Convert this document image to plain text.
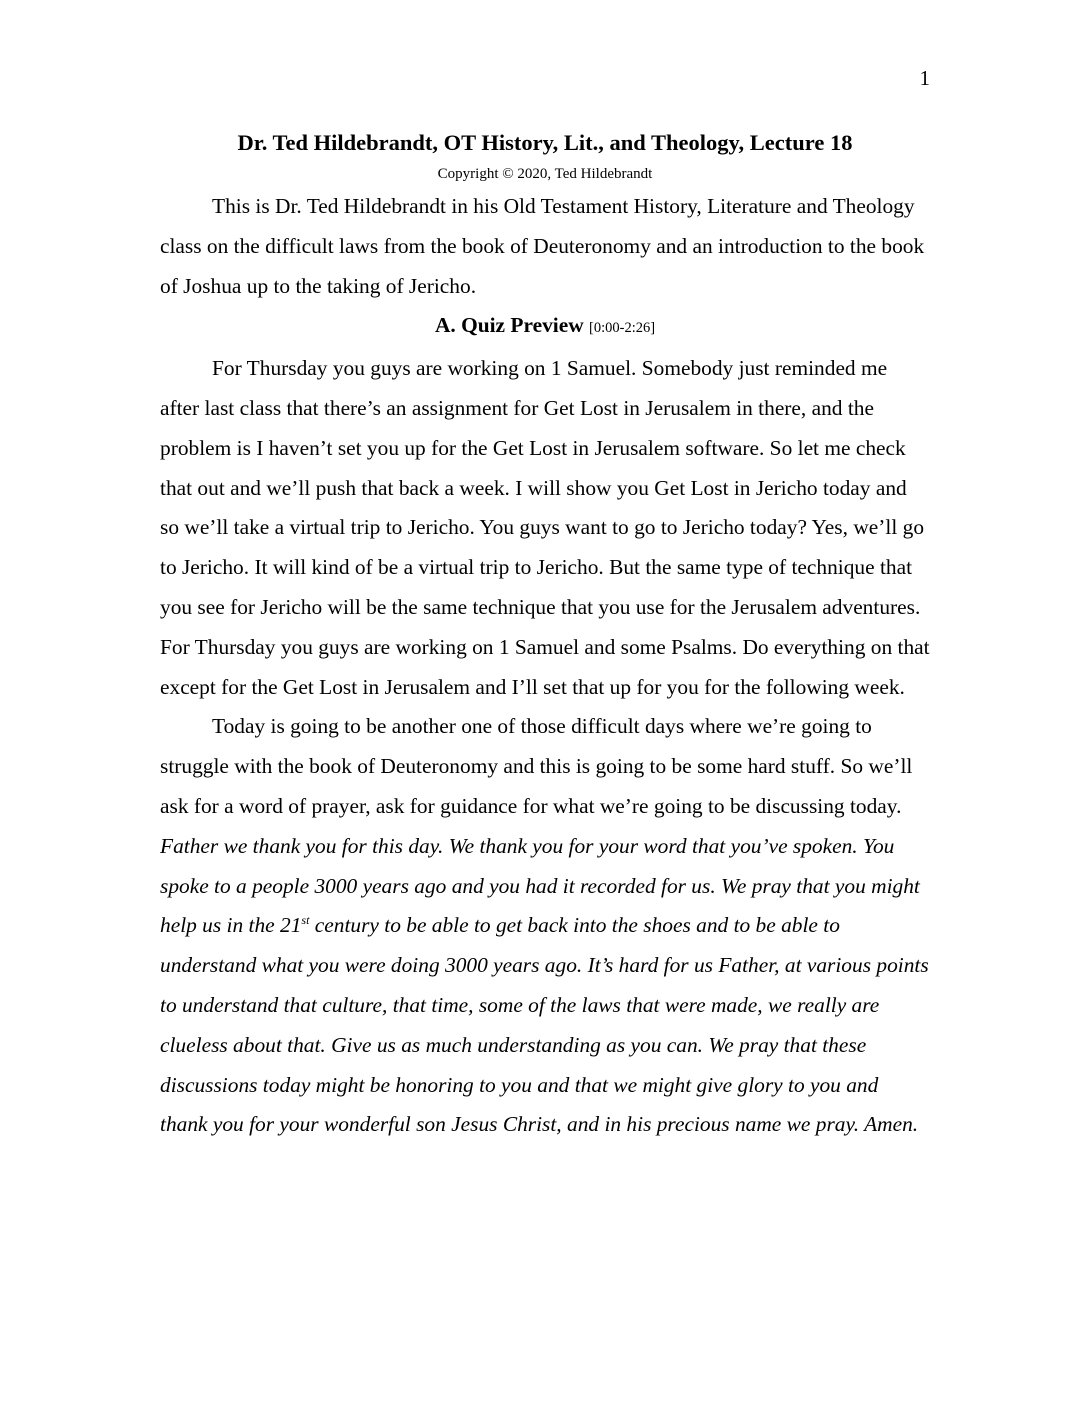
1
Dr. Ted Hildebrandt, OT History, Lit., and Theology, Lecture 18

Copyright © 2020, Ted Hildebrandt

This is Dr. Ted Hildebrandt in his Old Testament History, Literature and Theology class on the difficult laws from the book of Deuteronomy and an introduction to the book of Joshua up to the taking of Jericho.

A. Quiz Preview [0:00-2:26]

For Thursday you guys are working on 1 Samuel. Somebody just reminded me after last class that there’s an assignment for Get Lost in Jerusalem in there, and the problem is I haven’t set you up for the Get Lost in Jerusalem software. So let me check that out and we’ll push that back a week. I will show you Get Lost in Jericho today and so we’ll take a virtual trip to Jericho. You guys want to go to Jericho today? Yes, we’ll go to Jericho. It will kind of be a virtual trip to Jericho. But the same type of technique that you see for Jericho will be the same technique that you use for the Jerusalem adventures. For Thursday you guys are working on 1 Samuel and some Psalms. Do everything on that except for the Get Lost in Jerusalem and I’ll set that up for you for the following week.

Today is going to be another one of those difficult days where we’re going to struggle with the book of Deuteronomy and this is going to be some hard stuff. So we’ll ask for a word of prayer, ask for guidance for what we’re going to be discussing today. Father we thank you for this day. We thank you for your word that you’ve spoken. You spoke to a people 3000 years ago and you had it recorded for us. We pray that you might help us in the 21st century to be able to get back into the shoes and to be able to understand what you were doing 3000 years ago. It’s hard for us Father, at various points to understand that culture, that time, some of the laws that were made, we really are clueless about that. Give us as much understanding as you can. We pray that these discussions today might be honoring to you and that we might give glory to you and thank you for your wonderful son Jesus Christ, and in his precious name we pray. Amen.
